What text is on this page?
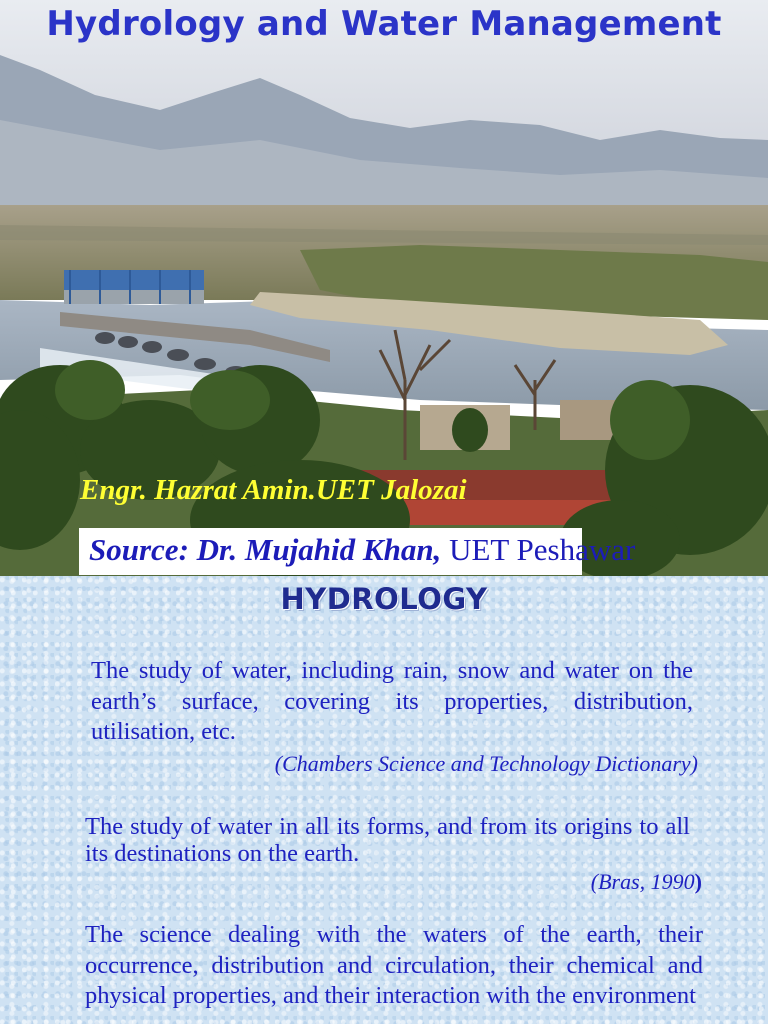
Hydrology and Water Management

Engr. Hazrat Amin.UET Jalozai

Source: Dr. Mujahid Khan, UET Peshawar

HYDROLOGY

The study of water, including rain, snow and water on the earth’s surface, covering its properties, distribution, utilisation, etc.

(Chambers Science and Technology Dictionary)

The study of water in all its forms, and from its origins to all its destinations on the earth.

(Bras, 1990)

The science dealing with the waters of the earth, their occurrence, distribution and circulation, their chemical and physical properties, and their interaction with the environment
